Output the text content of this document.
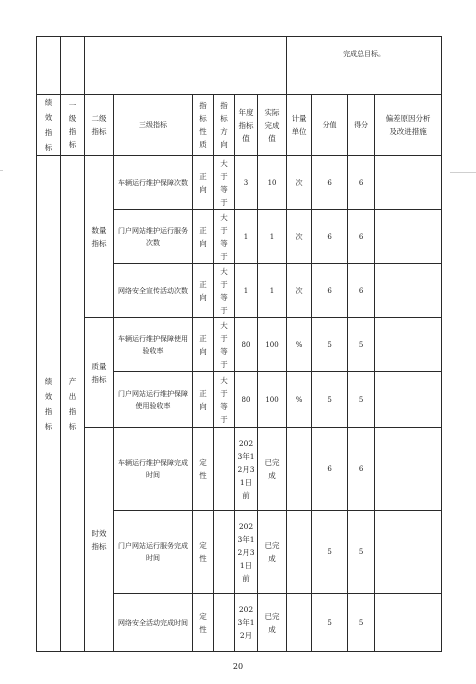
								完成总目标。			
绩效指标	一级指标	二级指标	三级指标	指标性质	指标方向	年度指标值	实际完成值	计量单位	分值	得分	偏差原因分析及改进措施
绩效指标	产出指标	数量指标	车辆运行维护保障次数	正向	大于等于	3	10	次	6	6	

			门户网站维护运行服务次数	正向	大于等于	1	1	次	6	6	

			网络安全宣传活动次数	正向	大于等于	1	1	次	6	6	
		质量指标	车辆运行维护保障使用验收率	正向	大于等于	80	100	%	5	5	

			门户网站运行维护保障使用验收率	正向	大于等于	80	100	%	5	5	
		时效指标	车辆运行维护保障完成时间	定性		2023年12月31日前	已完成		6	6	

			门户网站运行服务完成时间	定性		2023年12月31日前	已完成		5	5	

			网络安全活动完成时间	定性		2023年12月	已完成		5	5	
20
